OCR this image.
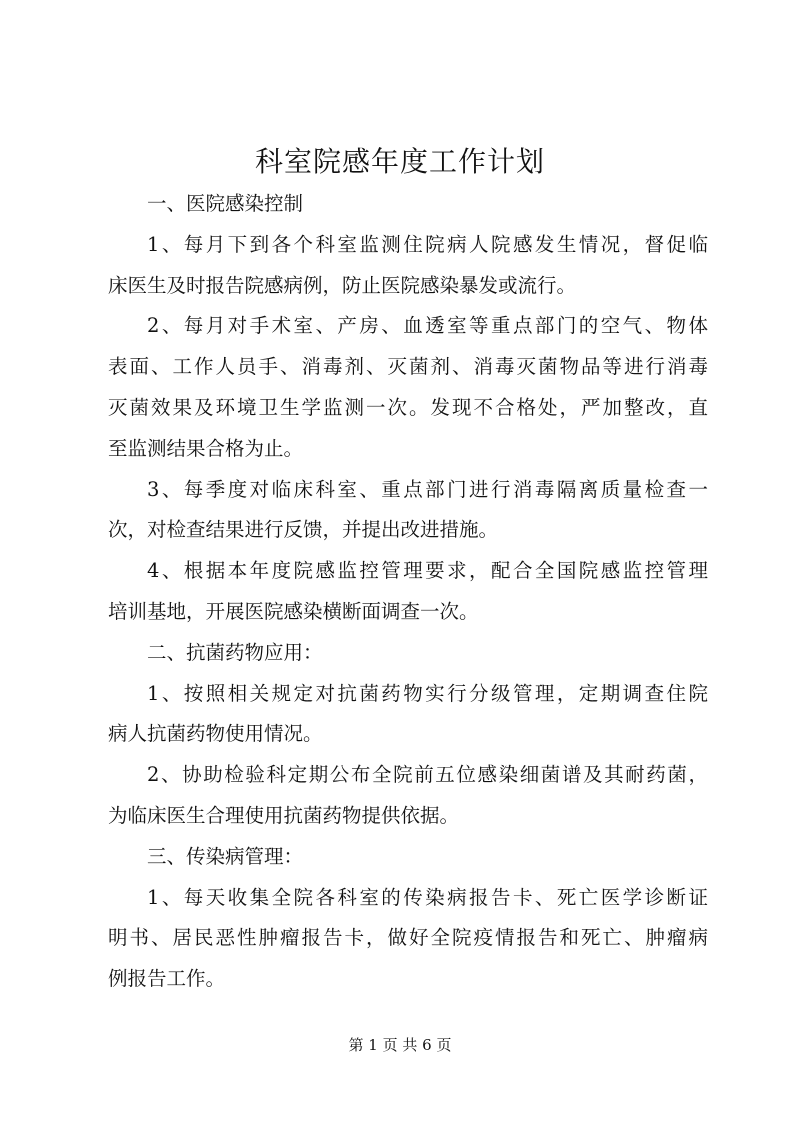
科室院感年度工作计划
一、医院感染控制
1、每月下到各个科室监测住院病人院感发生情况，督促临
床医生及时报告院感病例，防止医院感染暴发或流行。
2、每月对手术室、产房、血透室等重点部门的空气、物体
表面、工作人员手、消毒剂、灭菌剂、消毒灭菌物品等进行消毒
灭菌效果及环境卫生学监测一次。发现不合格处，严加整改，直
至监测结果合格为止。
3、每季度对临床科室、重点部门进行消毒隔离质量检查一
次，对检查结果进行反馈，并提出改进措施。
4、根据本年度院感监控管理要求，配合全国院感监控管理
培训基地，开展医院感染横断面调查一次。
二、抗菌药物应用：
1、按照相关规定对抗菌药物实行分级管理，定期调查住院
病人抗菌药物使用情况。
2、协助检验科定期公布全院前五位感染细菌谱及其耐药菌，
为临床医生合理使用抗菌药物提供依据。
三、传染病管理：
1、每天收集全院各科室的传染病报告卡、死亡医学诊断证
明书、居民恶性肿瘤报告卡，做好全院疫情报告和死亡、肿瘤病
例报告工作。
第 1 页 共 6 页
